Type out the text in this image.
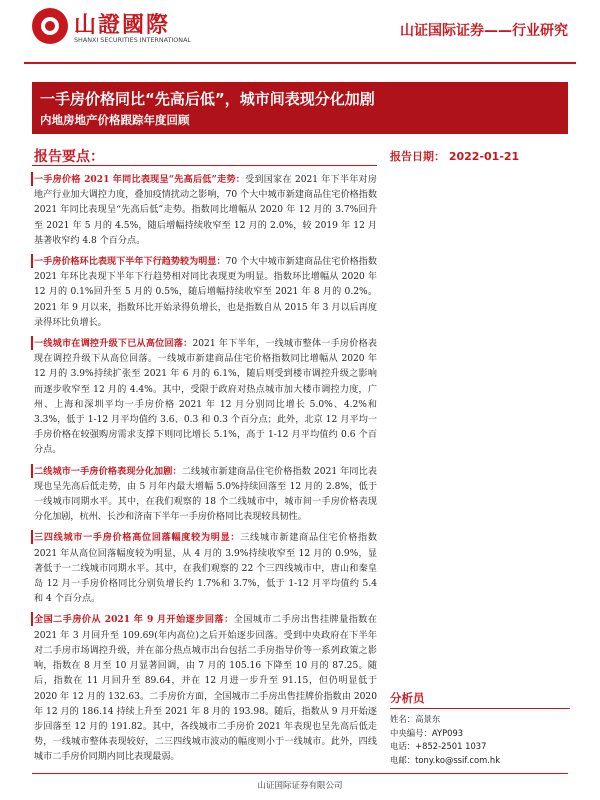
山證國際
SHANXI SECURITIES INTERNATIONAL
山证国际证券——行业研究
一手房价格同比“先高后低”，城市间表现分化加剧
内地房地产价格跟踪年度回顾
报告要点：	报告日期： 2022-01-21
一手房价格 2021 年同比表现呈“先高后低”走势：受到国家在 2021 年下半年对房地产行业加大调控力度，叠加疫情扰动之影响，70 个大中城市新建商品住宅价格指数 2021 年同比表现呈“先高后低”走势。指数同比增幅从 2020 年 12 月的 3.7%回升至 2021 年 5 月的 4.5%，随后增幅持续收窄至 12 月的 2.0%，较 2019 年 12 月基著收窄约 4.8 个百分点。
一手房价格环比表现下半年下行趋势较为明显：70 个大中城市新建商品住宅价格指数 2021 年环比表现下半年下行趋势相对同比表现更为明显。指数环比增幅从 2020 年 12 月的 0.1%回升至 5 月的 0.5%，随后增幅持续收窄至 2021 年 8 月的 0.2%。2021 年 9 月以来，指数环比开始录得负增长，也是指数自从 2015 年 3 月以后再度录得环比负增长。
一线城市在调控升级下已从高位回落：2021 年下半年，一线城市整体一手房价格表现在调控升级下从高位回落。一线城市新建商品住宅价格指数同比增幅从 2020 年 12 月的 3.9%持续扩张至 2021 年 6 月的 6.1%，随后则受到楼市调控升级之影响而逐步收窄至 12 月的 4.4%。其中，受限于政府对热点城市加大楼市调控力度，广州、上海和深圳平均一手房价格 2021 年 12 月分别同比增长 5.0%、4.2%和 3.3%，低于 1-12 月平均值约 3.6、0.3 和 0.3 个百分点；此外，北京 12 月平均一手房价格在较强购房需求支撑下则同比增长 5.1%，高于 1-12 月平均值约 0.6 个百分点。
二线城市一手房价格表现分化加剧：二线城市新建商品住宅价格指数 2021 年同比表现也呈先高后低走势，由 5 月年内最大增幅 5.0%持续回落至 12 月的 2.8%，低于一线城市同期水平。其中，在我们观察的 18 个二线城市中，城市间一手房价格表现分化加剧，杭州、长沙和济南下半年一手房价格同比表现较具韧性。
三四线城市一手房价格高位回落幅度较为明显：三线城市新建商品住宅价格指数 2021 年从高位回落幅度较为明显，从 4 月的 3.9%持续收窄至 12 月的 0.9%，显著低于一二线城市同期水平。其中，在我们观察的 22 个三四线城市中，唐山和秦皇岛 12 月一手房价格同比分别负增长约 1.7%和 3.7%，低于 1-12 月平均值约 5.4 和 4 个百分点。
全国二手房价从 2021 年 9 月开始逐步回落：全国城市二手房出售挂牌量指数在 2021 年 3 月回升至 109.69(年内高位)之后开始逐步回落。受到中央政府在下半年对二手房市场调控升级，并在部分热点城市出台包括二手房指导价等一系列政策之影响，指数在 8 月至 10 月显著回调，由 7 月的 105.16 下降至 10 月的 87.25。随后，指数在 11 月回升至 89.64，并在 12 月进一步升至 91.15，但仍明显低于 2020 年 12 月的 132.63。二手房价方面，全国城市二手房出售挂牌价指数由 2020 年 12 月的 186.14 持续上升至 2021 年 8 月的 193.98。随后，指数从 9 月开始逐步回落至 12 月的 191.82。其中，各线城市二手房价 2021 年表现也呈先高后低走势，一线城市整体表现较好，二三四线城市波动的幅度则小于一线城市。此外，四线城市二手房价同期内同比表现最弱。
分析员
姓名：高景东
中央编号：AYP093
电话：+852-2501 1037
电邮：tony.ko@ssif.com.hk
山证国际证券有限公司
